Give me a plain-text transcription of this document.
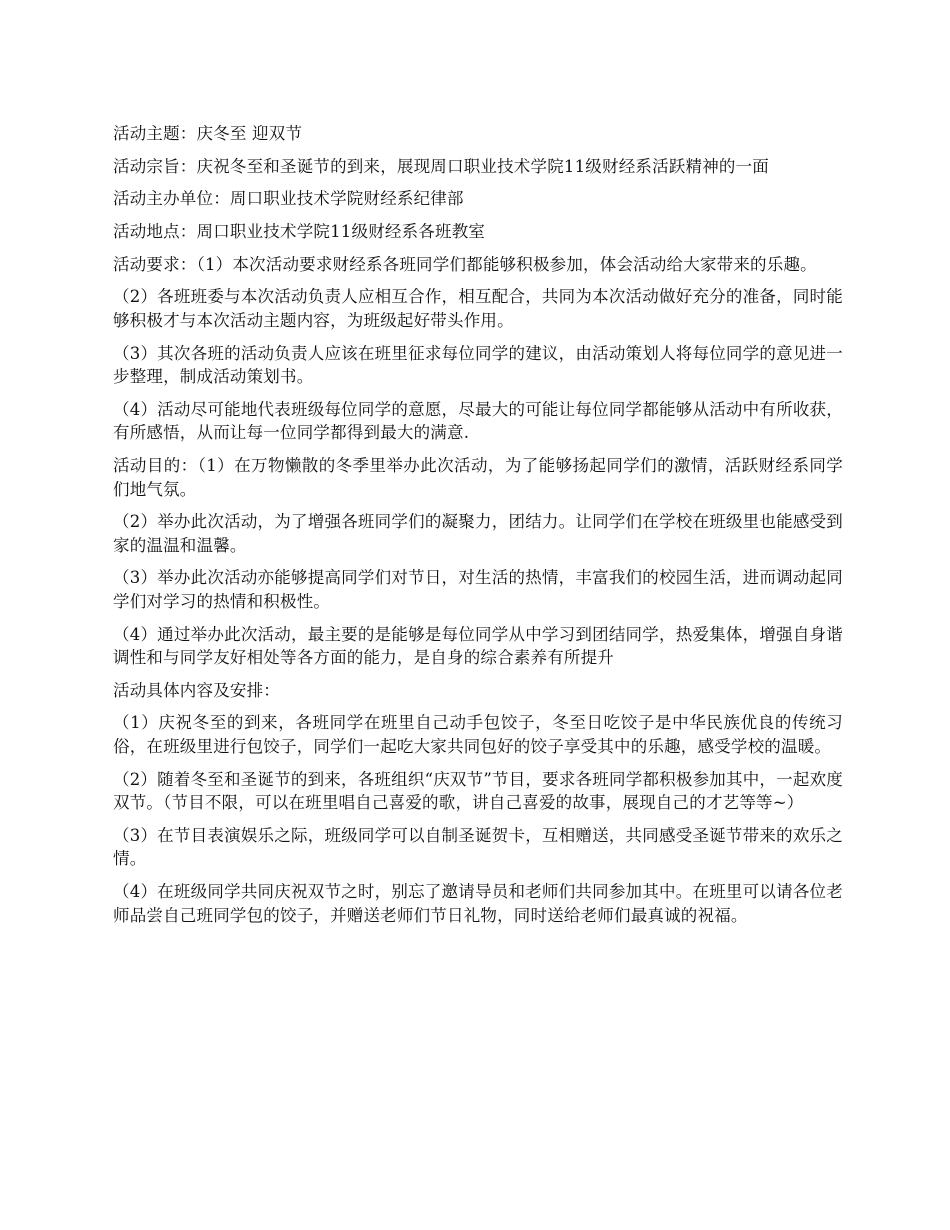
活动主题：庆冬至 迎双节

活动宗旨：庆祝冬至和圣诞节的到来，展现周口职业技术学院11级财经系活跃精神的一面

活动主办单位：周口职业技术学院财经系纪律部

活动地点：周口职业技术学院11级财经系各班教室

活动要求：（1）本次活动要求财经系各班同学们都能够积极参加，体会活动给大家带来的乐趣。

（2）各班班委与本次活动负责人应相互合作，相互配合，共同为本次活动做好充分的准备，同时能够积极才与本次活动主题内容，为班级起好带头作用。

（3）其次各班的活动负责人应该在班里征求每位同学的建议，由活动策划人将每位同学的意见进一步整理，制成活动策划书。

（4）活动尽可能地代表班级每位同学的意愿，尽最大的可能让每位同学都能够从活动中有所收获，有所感悟，从而让每一位同学都得到最大的满意.

活动目的：（1）在万物懒散的冬季里举办此次活动，为了能够扬起同学们的激情，活跃财经系同学们地气氛。

（2）举办此次活动，为了增强各班同学们的凝聚力，团结力。让同学们在学校在班级里也能感受到家的温温和温馨。

（3）举办此次活动亦能够提高同学们对节日，对生活的热情，丰富我们的校园生活，进而调动起同学们对学习的热情和积极性。

（4）通过举办此次活动，最主要的是能够是每位同学从中学习到团结同学，热爱集体，增强自身谐调性和与同学友好相处等各方面的能力，是自身的综合素养有所提升

活动具体内容及安排：

（1）庆祝冬至的到来，各班同学在班里自己动手包饺子，冬至日吃饺子是中华民族优良的传统习俗，在班级里进行包饺子，同学们一起吃大家共同包好的饺子享受其中的乐趣，感受学校的温暖。

（2）随着冬至和圣诞节的到来，各班组织“庆双节”节目，要求各班同学都积极参加其中，一起欢度双节。（节目不限，可以在班里唱自己喜爱的歌，讲自己喜爱的故事，展现自己的才艺等等~）

（3）在节目表演娱乐之际，班级同学可以自制圣诞贺卡，互相赠送，共同感受圣诞节带来的欢乐之情。

（4）在班级同学共同庆祝双节之时，别忘了邀请导员和老师们共同参加其中。在班里可以请各位老师品尝自己班同学包的饺子，并赠送老师们节日礼物，同时送给老师们最真诚的祝福。
